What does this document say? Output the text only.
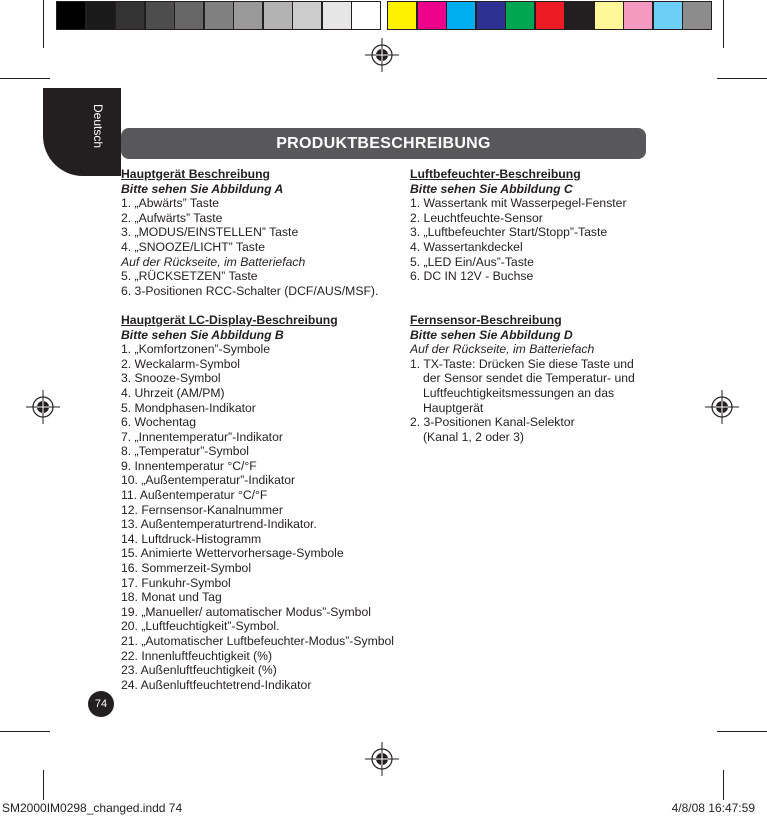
Deutsch	PRODUKTBESCHREIBUNG
Hauptgerät Beschreibung
Bitte sehen Sie Abbildung A
1. „Abwärts” Taste
2. „Aufwärts” Taste
3. „MODUS/EINSTELLEN” Taste
4. „SNOOZE/LICHT” Taste
Auf der Rückseite, im Batteriefach
5. „RÜCKSETZEN” Taste
6. 3-Positionen RCC-Schalter (DCF/AUS/MSF).
Hauptgerät LC-Display-Beschreibung
Bitte sehen Sie Abbildung B
1. „Komfortzonen”-Symbole
2. Weckalarm-Symbol
3. Snooze-Symbol
4. Uhrzeit (AM/PM)
5. Mondphasen-Indikator
6. Wochentag
7. „Innentemperatur”-Indikator
8. „Temperatur”-Symbol
9. Innentemperatur °C/°F
10. „Außentemperatur”-Indikator
11. Außentemperatur °C/°F
12. Fernsensor-Kanalnummer
13. Außentemperaturtrend-Indikator.
14. Luftdruck-Histogramm
15. Animierte Wettervorhersage-Symbole
16. Sommerzeit-Symbol
17. Funkuhr-Symbol
18. Monat und Tag
19. „Manueller/ automatischer Modus”-Symbol
20. „Luftfeuchtigkeit”-Symbol.
21. „Automatischer Luftbefeuchter-Modus”-Symbol
22. Innenluftfeuchtigkeit (%)
23. Außenluftfeuchtigkeit (%)
24. Außenluftfeuchtetrend-Indikator
Luftbefeuchter-Beschreibung
Bitte sehen Sie Abbildung C
1. Wassertank mit Wasserpegel-Fenster
2. Leuchtfeuchte-Sensor
3. „Luftbefeuchter Start/Stopp”-Taste
4. Wassertankdeckel
5. „LED Ein/Aus”-Taste
6. DC IN 12V - Buchse
Fernsensor-Beschreibung
Bitte sehen Sie Abbildung D
Auf der Rückseite, im Batteriefach
1. TX-Taste: Drücken Sie diese Taste und
der Sensor sendet die Temperatur- und
Luftfeuchtigkeitsmessungen an das
Hauptgerät
2. 3-Positionen Kanal-Selektor
(Kanal 1, 2 oder 3)
74
SM2000IM0298_changed.indd 74	4/8/08 16:47:59
